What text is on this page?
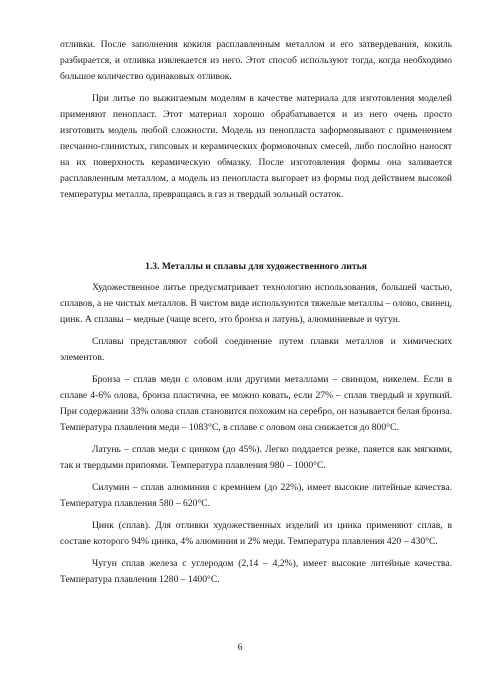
отливки. После заполнения кокиля расплавленным металлом и его затвердевания, кокиль разбирается, и отливка извлекается из него. Этот способ используют тогда, когда необходимо большое количество одинаковых отливок.

При литье по выжигаемым моделям в качестве материала для изготовления моделей применяют пенопласт. Этот материал хорошо обрабатывается и из него очень просто изготовить модель любой сложности. Модель из пенопласта заформовывают с применением песчанно-глинистых, гипсовых и керамических формовочных смесей, либо послойно наносят на их поверхность керамическую обмазку. После изготовления формы она заливается расплавленным металлом, а модель из пенопласта выгорает из формы под действием высокой температуры металла, превращаясь в газ и твердый зольный остаток.

1.3. Металлы и сплавы для художественного литья

Художественное литье предусматривает технологию использования, большей частью, сплавов, а не чистых металлов. В чистом виде используются тяжелые металлы – олово, свинец, цинк. А сплавы – медные (чаще всего, это бронза и латунь), алюминиевые и чугун.

Сплавы представляют собой соединение путем плавки металлов и химических элементов.

Бронза – сплав меди с оловом или другими металлами – свинцом, никелем. Если в сплаве 4-6% олова, бронза пластична, ее можно ковать, если 27% – сплав твердый и хрупкий. При содержании 33% олова сплав становится похожим на серебро, он называется белая бронза. Температура плавления меди – 1083°С, в сплаве с оловом она снижается до 800°С.

Латунь – сплав меди с цинком (до 45%). Легко поддается резке, паяется как мягкими, так и твердыми припоями. Температура плавления 980 – 1000°С.

Силумин – сплав алюминия с кремнием (до 22%), имеет высокие литейные качества. Температура плавления 580 – 620°С.

Цинк (сплав). Для отливки художественных изделий из цинка применяют сплав, в составе которого 94% цинка, 4% алюминия и 2% меди. Температура плавления 420 – 430°С.

Чугун сплав железа с углеродом (2,14 – 4,2%), имеет высокие литейные качества. Температура плавления 1280 – 1400°С.

6
